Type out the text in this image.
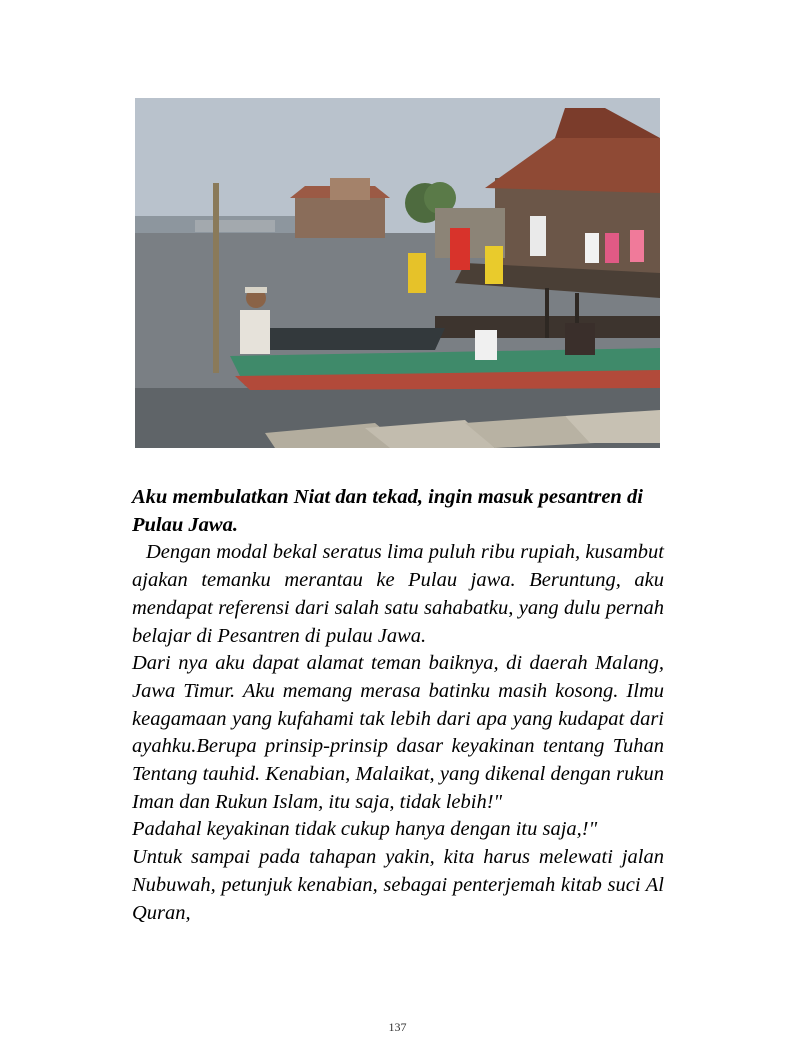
Aku membulatkan Niat dan tekad, ingin masuk pesantren di Pulau Jawa.

Dengan modal bekal seratus lima puluh ribu rupiah, kusambut ajakan temanku merantau ke Pulau jawa. Beruntung, aku mendapat referensi dari salah satu sahabatku, yang dulu pernah belajar di Pesantren di pulau Jawa.

Dari nya aku dapat alamat teman baiknya, di daerah Malang, Jawa Timur. Aku memang merasa batinku masih kosong. Ilmu keagamaan yang kufahami tak lebih dari apa yang kudapat dari ayahku.Berupa prinsip-prinsip dasar keyakinan tentang Tuhan Tentang tauhid. Kenabian, Malaikat, yang dikenal dengan rukun Iman dan Rukun Islam, itu saja, tidak lebih!"

Padahal keyakinan tidak cukup hanya dengan itu saja,!"

Untuk sampai pada tahapan yakin, kita harus melewati jalan Nubuwah, petunjuk kenabian, sebagai penterjemah kitab suci Al Quran,

137
